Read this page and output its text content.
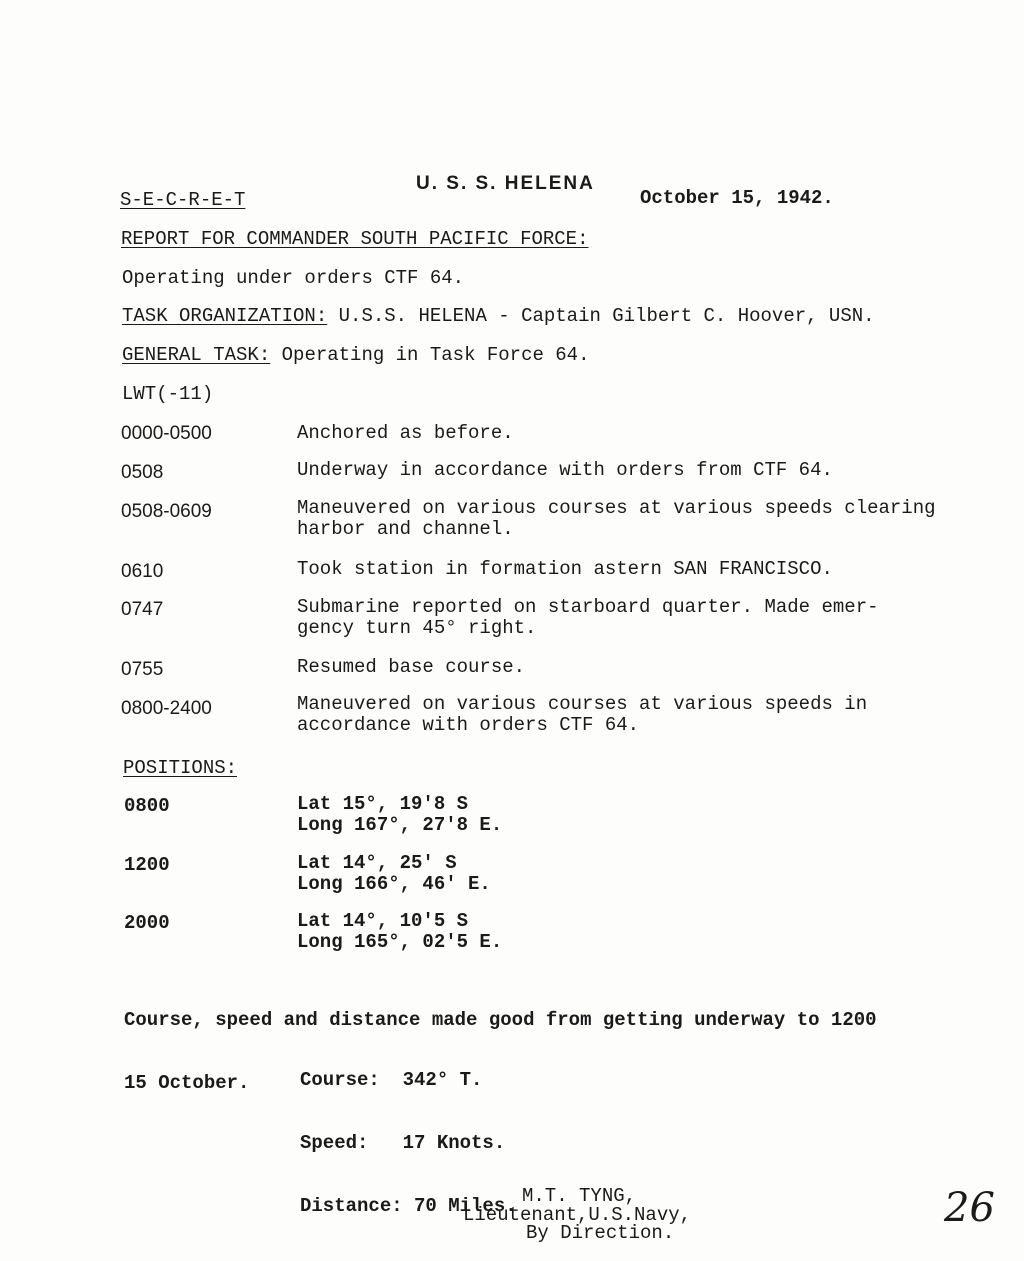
U. S. S. HELENA
S-E-C-R-E-T	October 15, 1942.
REPORT FOR COMMANDER SOUTH PACIFIC FORCE:
Operating under orders CTF 64.
TASK ORGANIZATION: U.S.S. HELENA - Captain Gilbert C. Hoover, USN.
GENERAL TASK: Operating in Task Force 64.
LWT(-11)
0000-0500	Anchored as before.
0508	Underway in accordance with orders from CTF 64.
0508-0609	Maneuvered on various courses at various speeds clearing
harbor and channel.
0610	Took station in formation astern SAN FRANCISCO.
0747	Submarine reported on starboard quarter. Made emer-
gency turn 45° right.
0755	Resumed base course.
0800-2400	Maneuvered on various courses at various speeds in
accordance with orders CTF 64.
POSITIONS:
0800	Lat 15°, 19'8 S
Long 167°, 27'8 E.
1200	Lat 14°, 25' S
Long 166°, 46' E.
2000	Lat 14°, 10'5 S
Long 165°, 02'5 E.

Course, speed and distance made good from getting underway to 1200

15 October.

	Course:  342° T.

Speed:   17 Knots.

Distance: 70 Miles.

M.T. TYNG,
Lieutenant,U.S.Navy,
By Direction.
26
